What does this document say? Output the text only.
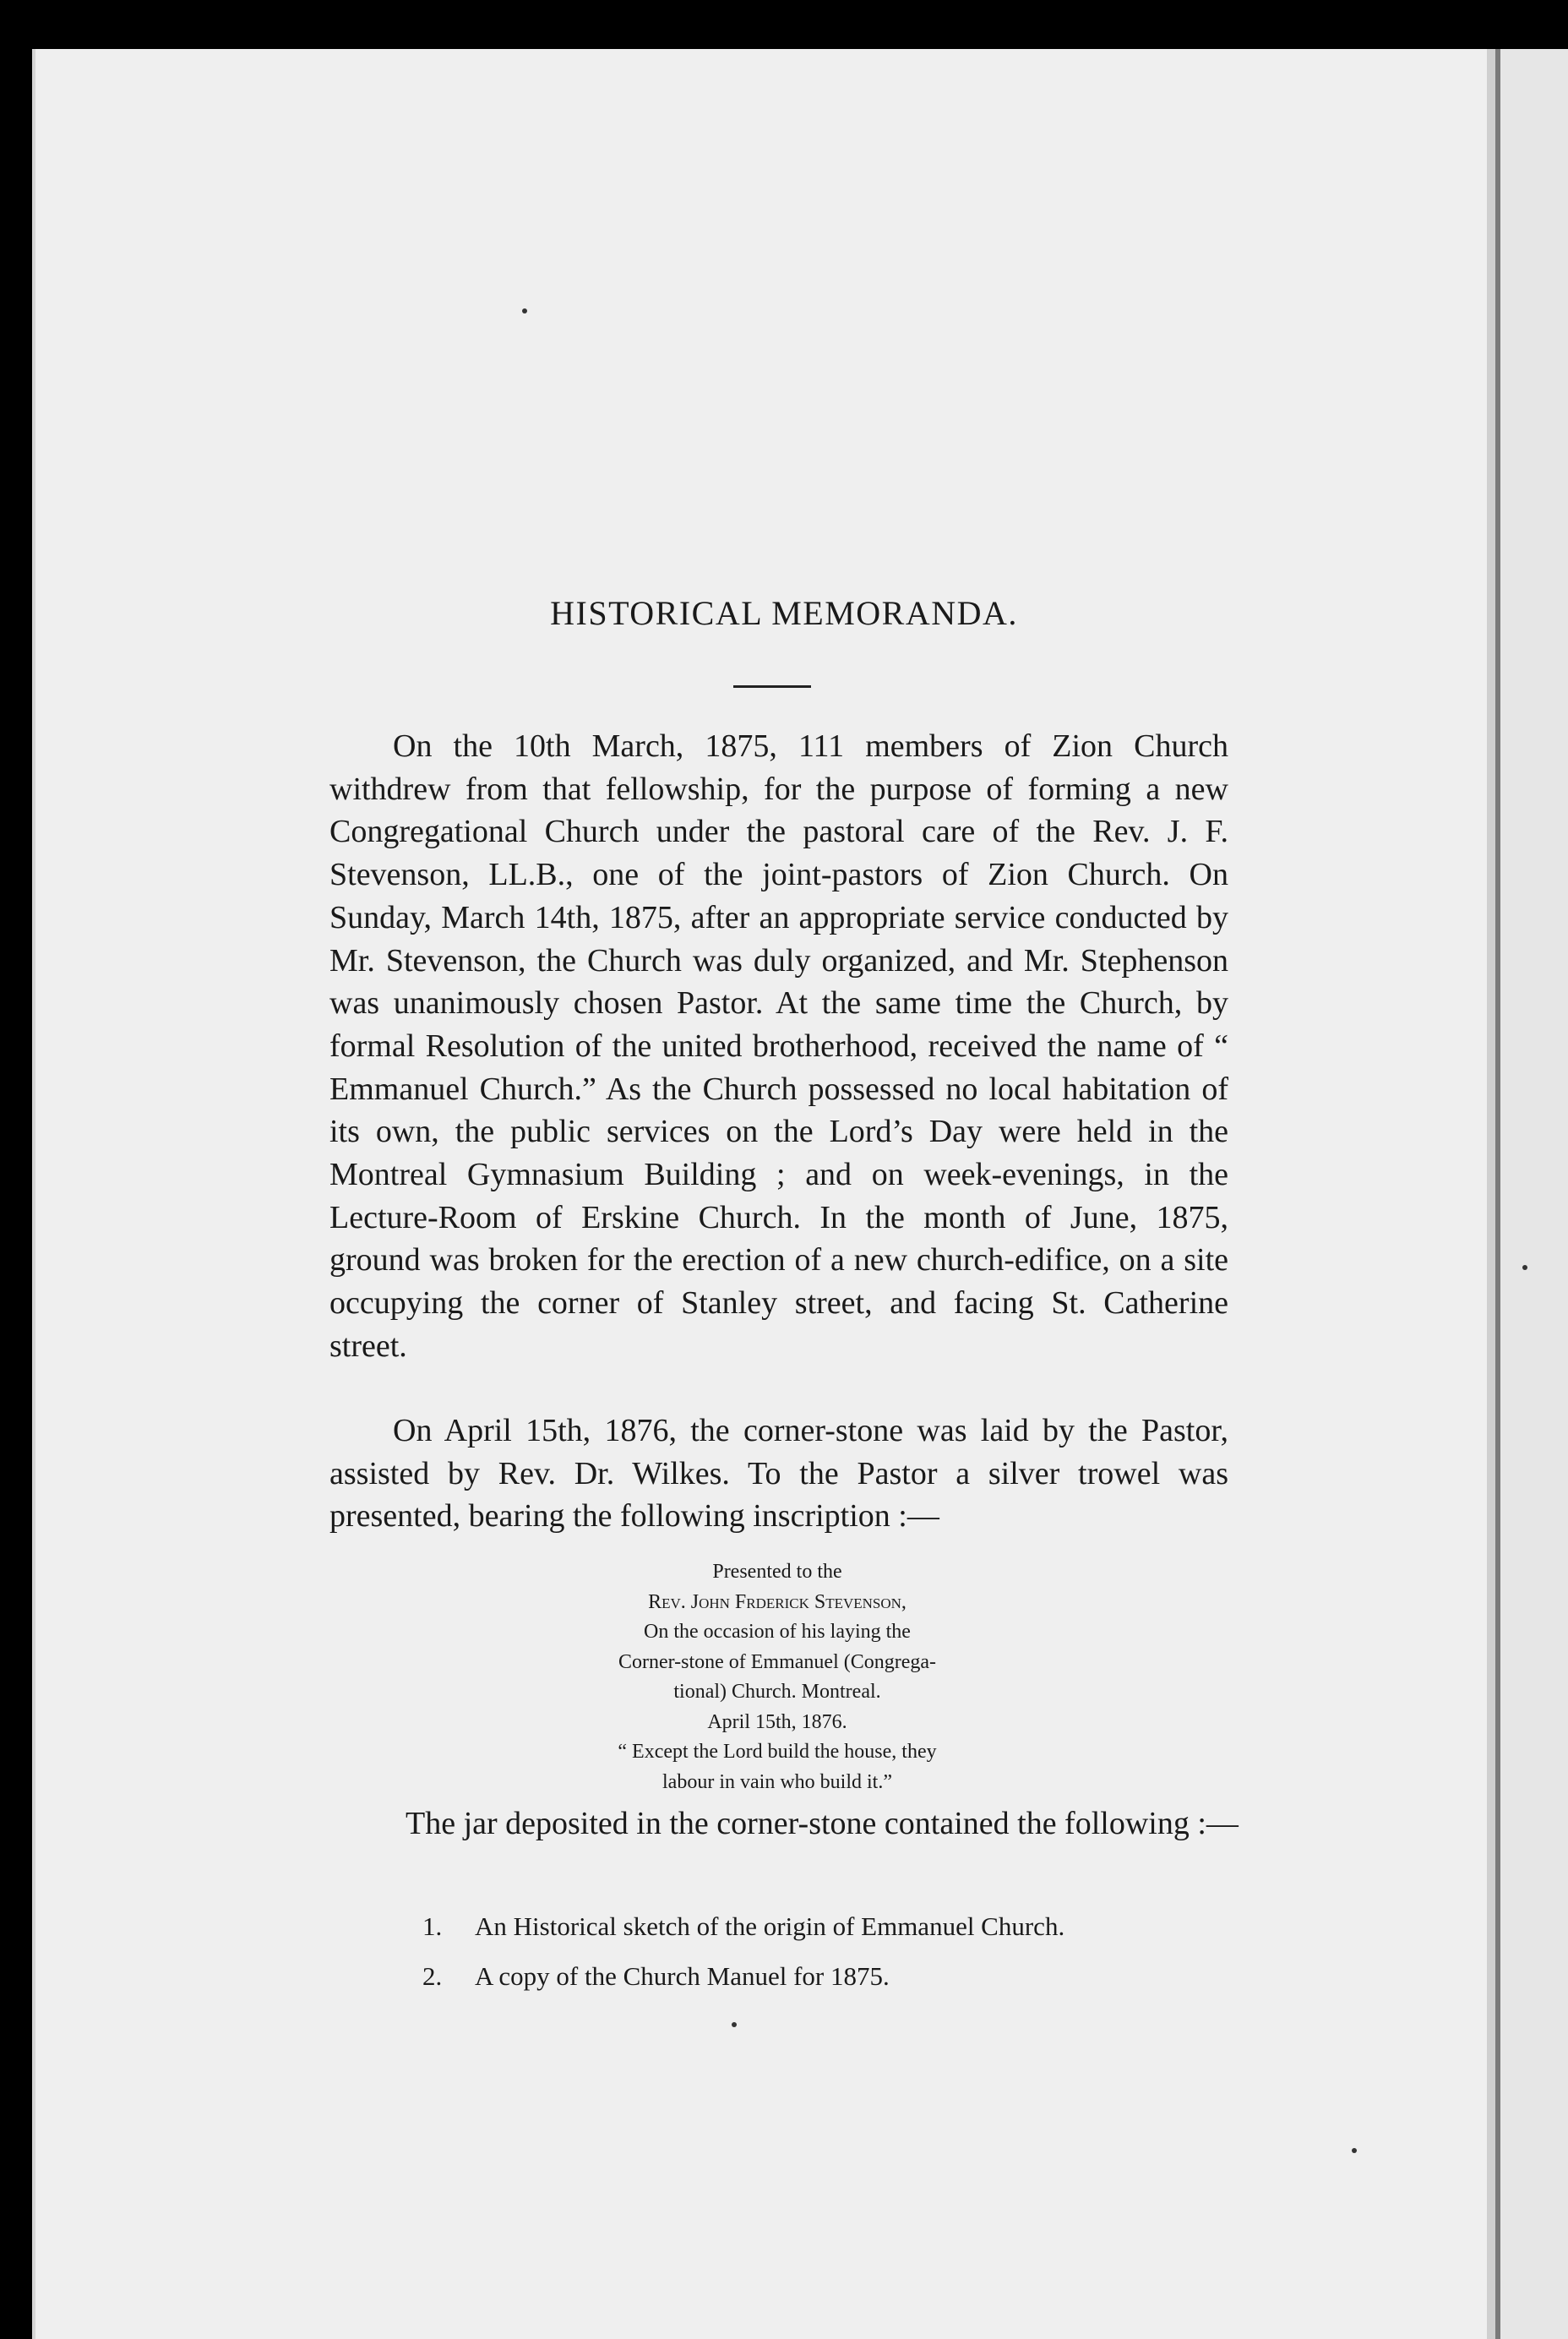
HISTORICAL MEMORANDA.

On the 10th March, 1875, 111 members of Zion Church withdrew from that fellowship, for the purpose of forming a new Congregational Church under the pastoral care of the Rev. J. F. Stevenson, LL.B., one of the joint-pastors of Zion Church. On Sunday, March 14th, 1875, after an appropriate service conducted by Mr. Stevenson, the Church was duly organized, and Mr. Stephenson was unanimously chosen Pastor. At the same time the Church, by formal Resolution of the united brotherhood, received the name of “ Emmanuel Church.” As the Church possessed no local habitation of its own, the public services on the Lord’s Day were held in the Montreal Gymnasium Building ; and on week-evenings, in the Lecture-Room of Erskine Church. In the month of June, 1875, ground was broken for the erection of a new church-edifice, on a site occupying the corner of Stanley street, and facing St. Catherine street.

On April 15th, 1876, the corner-stone was laid by the Pastor, assisted by Rev. Dr. Wilkes. To the Pastor a silver trowel was presented, bearing the following inscription :—

Presented to the
Rev. John Frderick Stevenson,
On the occasion of his laying the
Corner-stone of Emmanuel (Congrega-
tional) Church. Montreal.
April 15th, 1876.
“ Except the Lord build the house, they
labour in vain who build it.”

The jar deposited in the corner-stone contained the following :—

1. An Historical sketch of the origin of Emmanuel Church.
2. A copy of the Church Manuel for 1875.
